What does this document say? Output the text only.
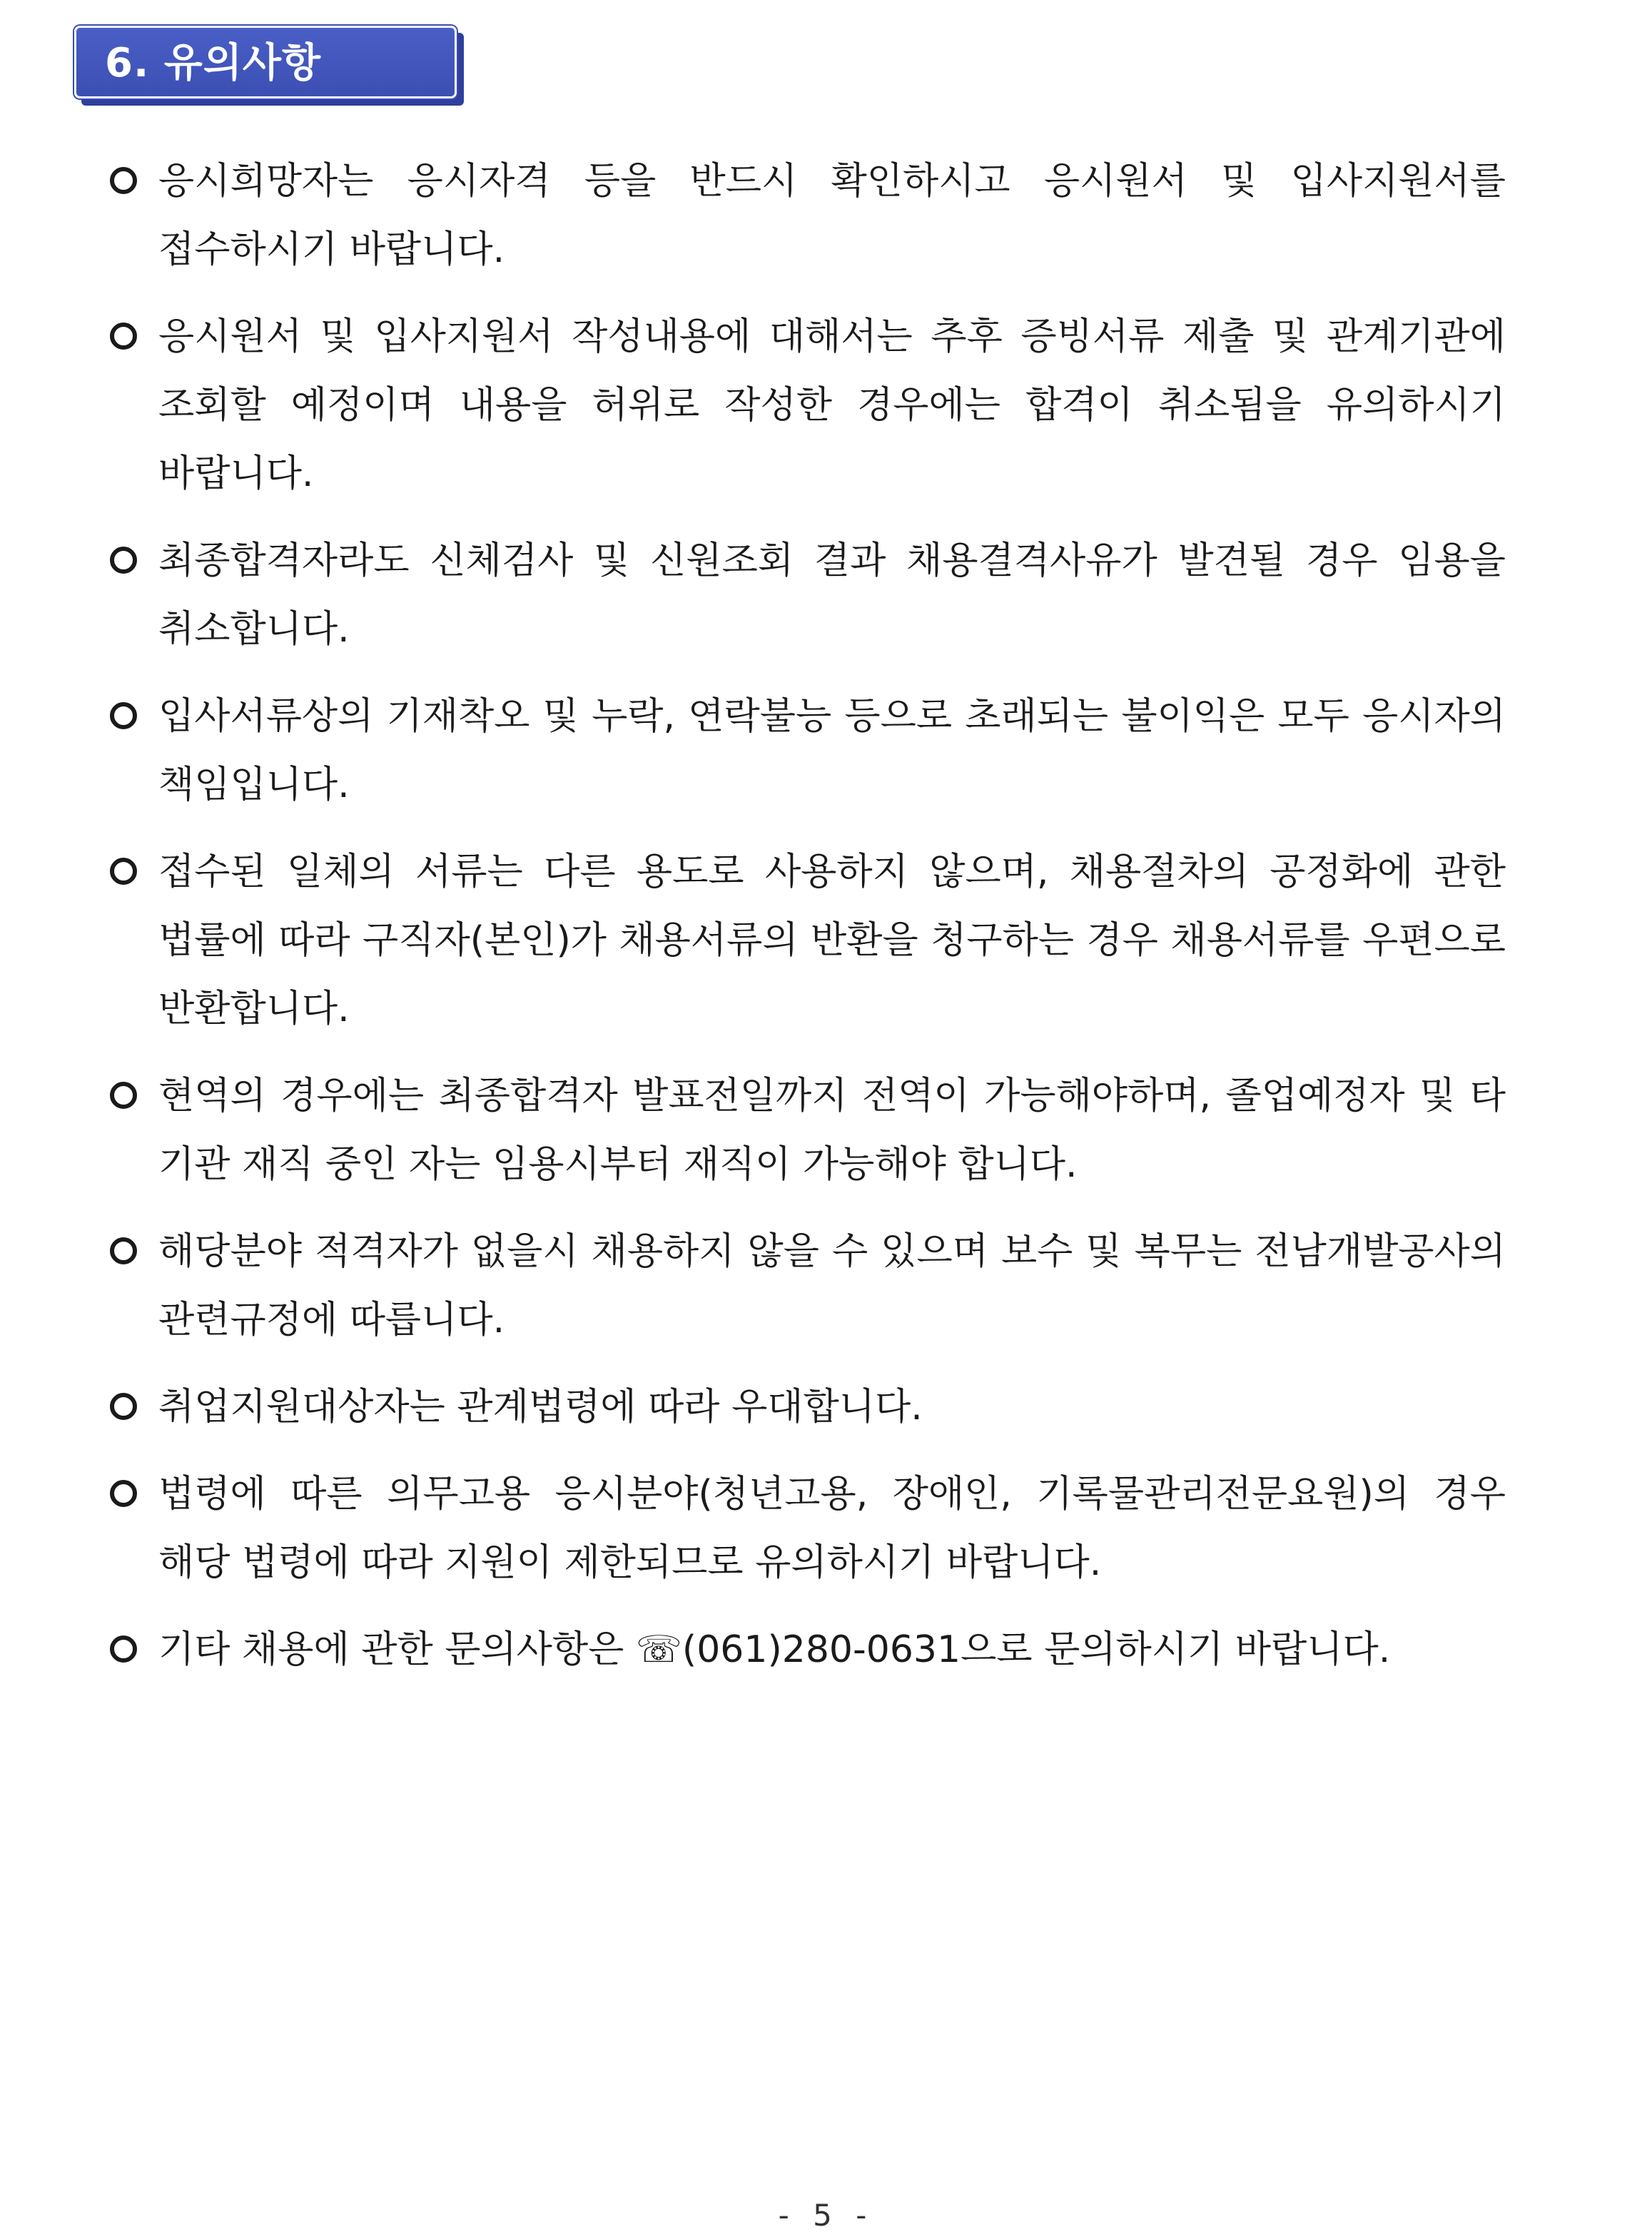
6. 유의사항
응시희망자는 응시자격 등을 반드시 확인하시고 응시원서 및 입사지원서를 접수하시기 바랍니다.
응시원서 및 입사지원서 작성내용에 대해서는 추후 증빙서류 제출 및 관계기관에 조회할 예정이며 내용을 허위로 작성한 경우에는 합격이 취소됨을 유의하시기 바랍니다.
최종합격자라도 신체검사 및 신원조회 결과 채용결격사유가 발견될 경우 임용을 취소합니다.
입사서류상의 기재착오 및 누락, 연락불능 등으로 초래되는 불이익은 모두 응시자의 책임입니다.
접수된 일체의 서류는 다른 용도로 사용하지 않으며, 채용절차의 공정화에 관한 법률에 따라 구직자(본인)가 채용서류의 반환을 청구하는 경우 채용서류를 우편으로 반환합니다.
현역의 경우에는 최종합격자 발표전일까지 전역이 가능해야하며, 졸업예정자 및 타 기관 재직 중인 자는 임용시부터 재직이 가능해야 합니다.
해당분야 적격자가 없을시 채용하지 않을 수 있으며 보수 및 복무는 전남개발공사의 관련규정에 따릅니다.
취업지원대상자는 관계법령에 따라 우대합니다.
법령에 따른 의무고용 응시분야(청년고용, 장애인, 기록물관리전문요원)의 경우 해당 법령에 따라 지원이 제한되므로 유의하시기 바랍니다.
기타 채용에 관한 문의사항은 ☏(061)280-0631으로 문의하시기 바랍니다.
- 5 -
